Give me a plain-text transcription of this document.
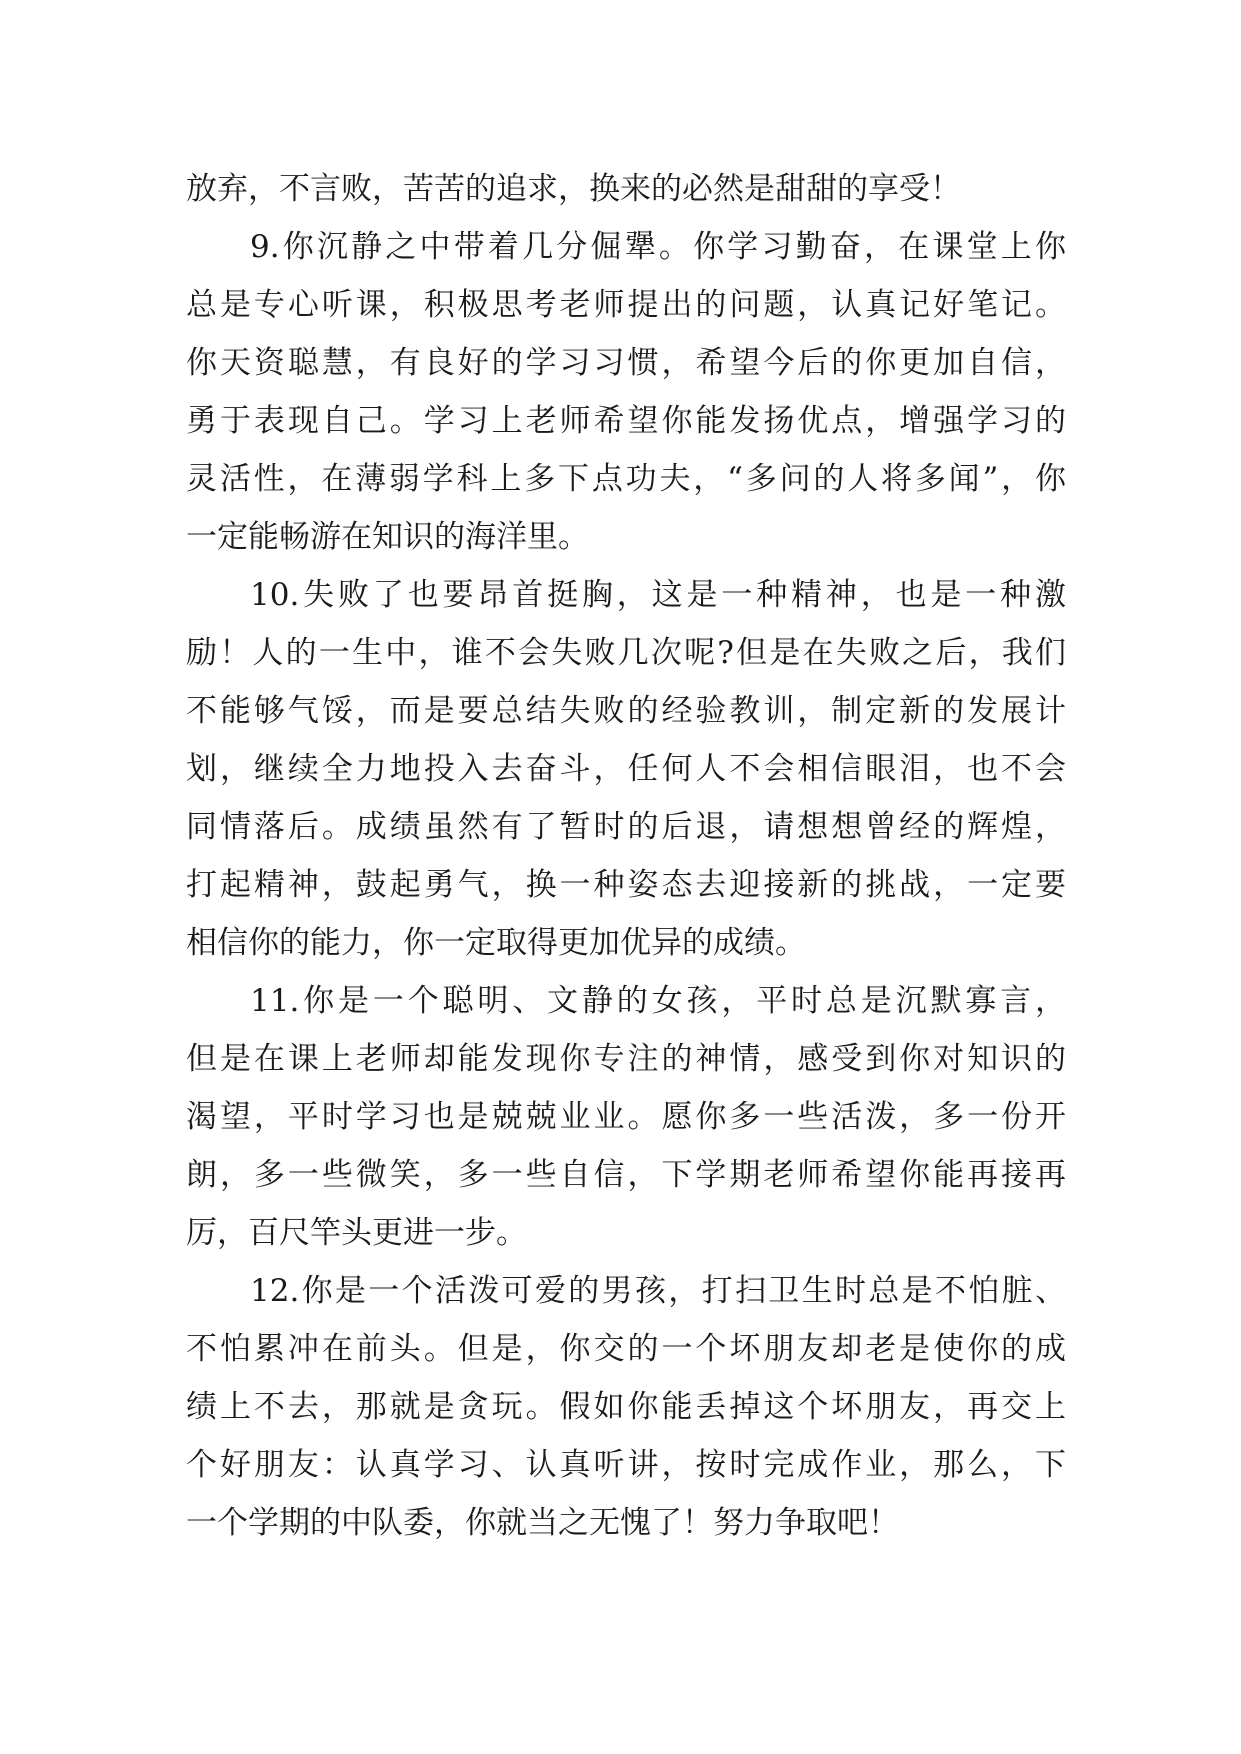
放弃，不言败，苦苦的追求，换来的必然是甜甜的享受！
9.你沉静之中带着几分倔犟。你学习勤奋，在课堂上你
总是专心听课，积极思考老师提出的问题，认真记好笔记。
你天资聪慧，有良好的学习习惯，希望今后的你更加自信，
勇于表现自己。学习上老师希望你能发扬优点，增强学习的
灵活性，在薄弱学科上多下点功夫，“多问的人将多闻”，你
一定能畅游在知识的海洋里。
10.失败了也要昂首挺胸，这是一种精神，也是一种激
励！人的一生中，谁不会失败几次呢?但是在失败之后，我们
不能够气馁，而是要总结失败的经验教训，制定新的发展计
划，继续全力地投入去奋斗，任何人不会相信眼泪，也不会
同情落后。成绩虽然有了暂时的后退，请想想曾经的辉煌，
打起精神，鼓起勇气，换一种姿态去迎接新的挑战，一定要
相信你的能力，你一定取得更加优异的成绩。
11.你是一个聪明、文静的女孩，平时总是沉默寡言，
但是在课上老师却能发现你专注的神情，感受到你对知识的
渴望，平时学习也是兢兢业业。愿你多一些活泼，多一份开
朗，多一些微笑，多一些自信，下学期老师希望你能再接再
厉，百尺竿头更进一步。
12.你是一个活泼可爱的男孩，打扫卫生时总是不怕脏、
不怕累冲在前头。但是，你交的一个坏朋友却老是使你的成
绩上不去，那就是贪玩。假如你能丢掉这个坏朋友，再交上
个好朋友：认真学习、认真听讲，按时完成作业，那么，下
一个学期的中队委，你就当之无愧了！努力争取吧！
